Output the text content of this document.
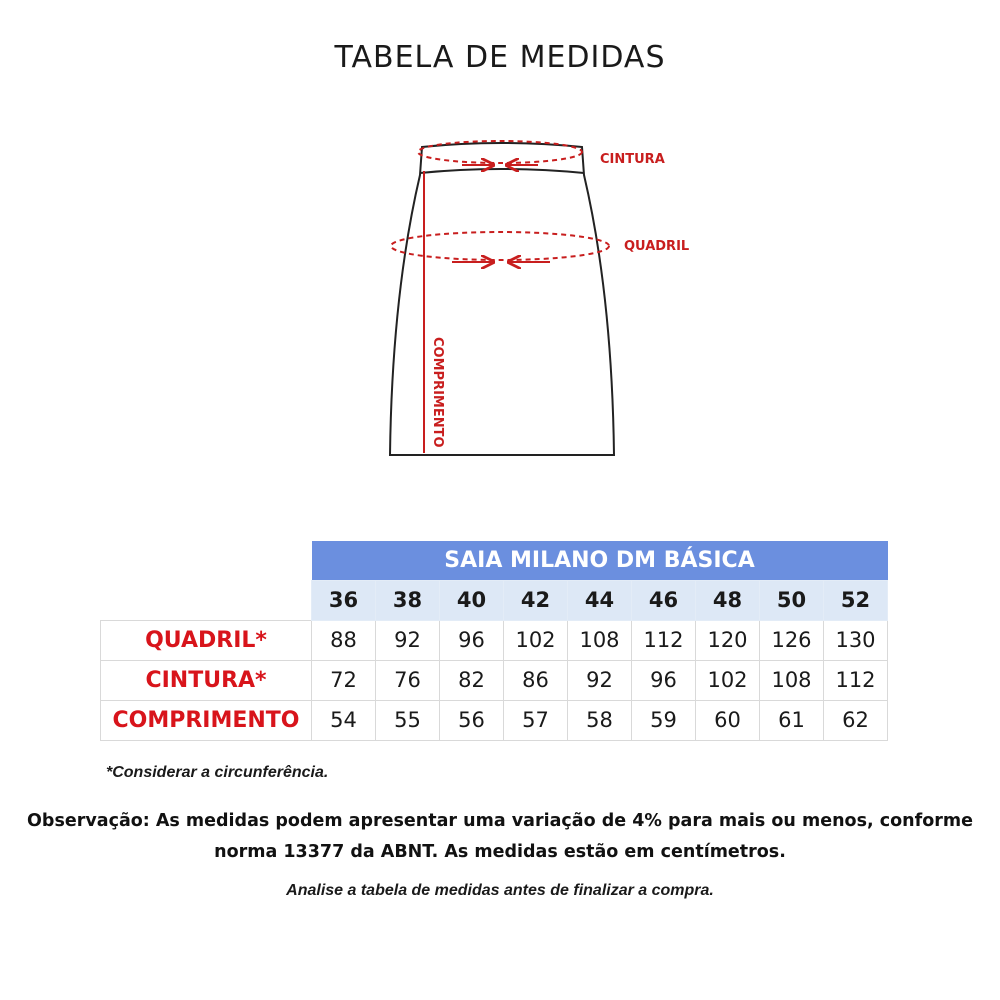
TABELA DE MEDIDAS
CINTURA
QUADRIL
COMPRIMENTO
	SAIA MILANO DM BÁSICA								
	36	38	40	42	44	46	48	50	52
QUADRIL*	88	92	96	102	108	112	120	126	130
CINTURA*	72	76	82	86	92	96	102	108	112
COMPRIMENTO	54	55	56	57	58	59	60	61	62
*Considerar a circunferência.
Observação: As medidas podem apresentar uma variação de 4% para mais ou menos, conforme
norma 13377 da ABNT. As medidas estão em centímetros.
Analise a tabela de medidas antes de finalizar a compra.
